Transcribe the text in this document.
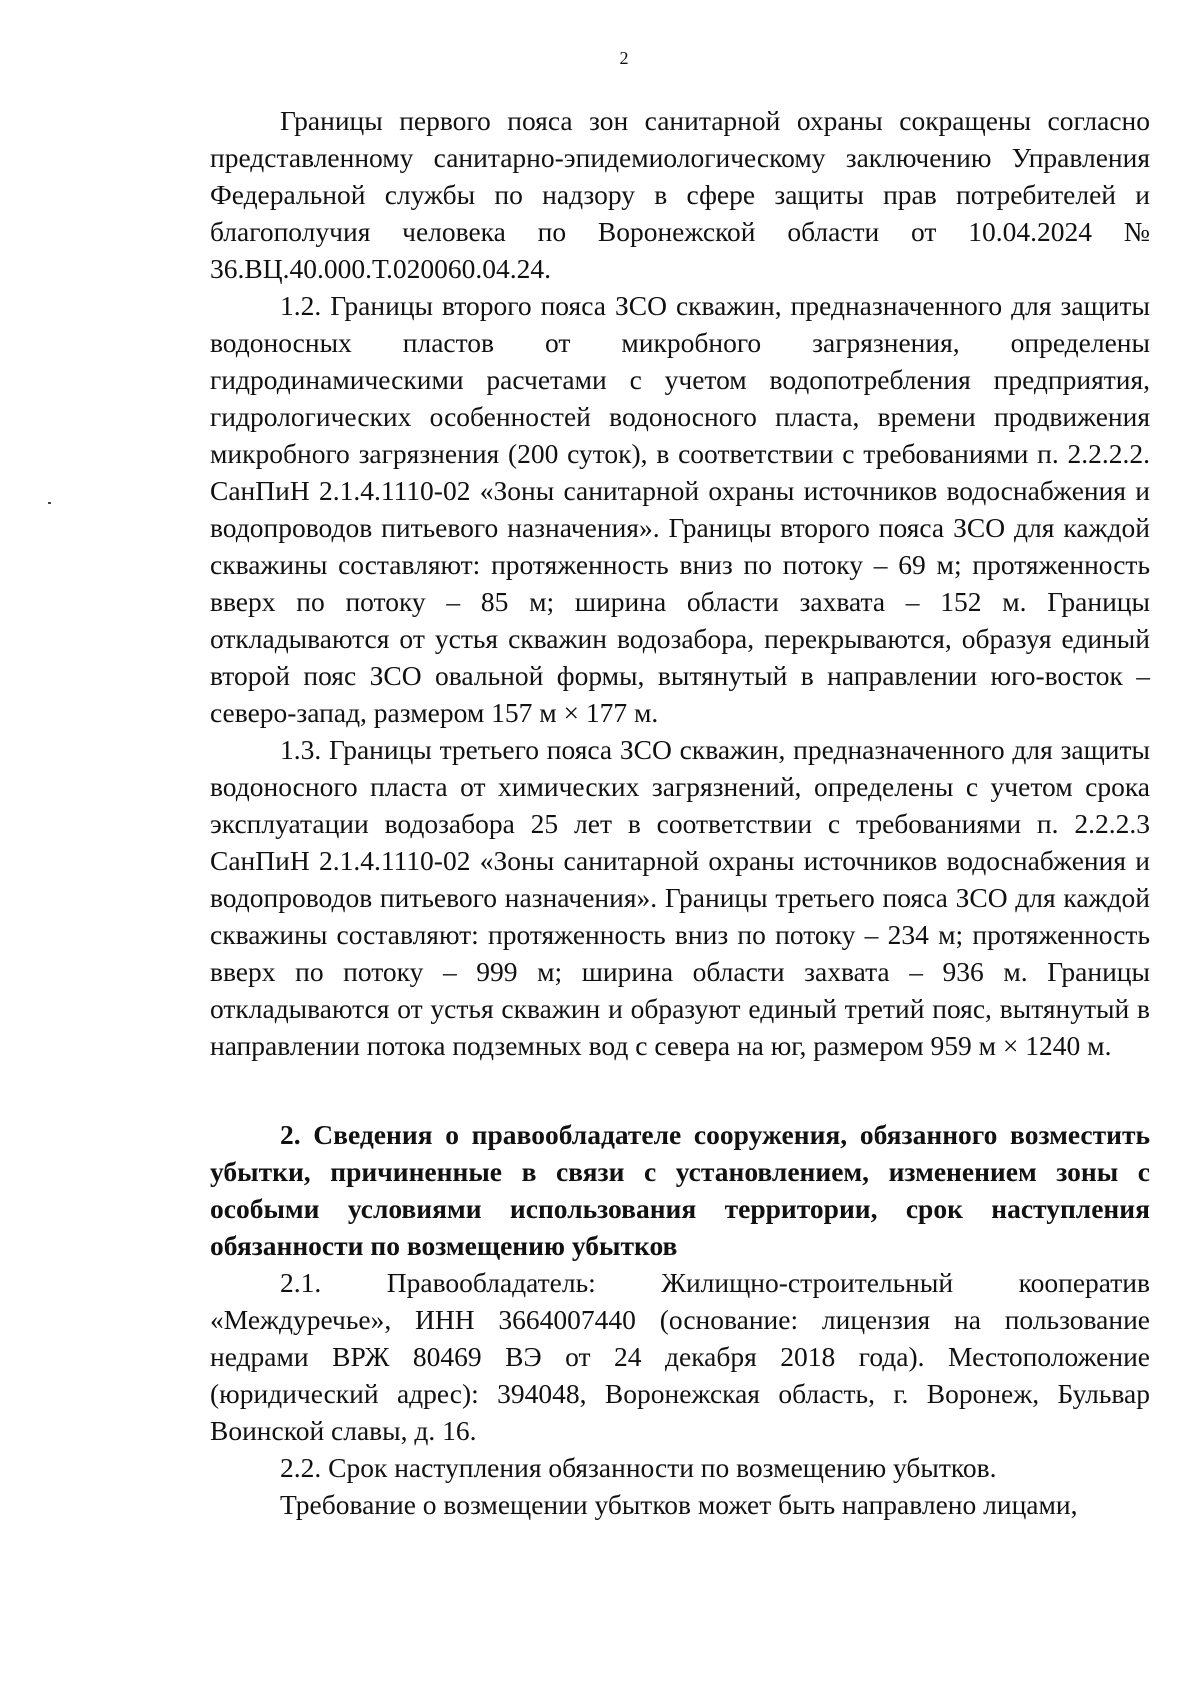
2

Границы первого пояса зон санитарной охраны сокращены согласно представленному санитарно-эпидемиологическому заключению Управления Федеральной службы по надзору в сфере защиты прав потребителей и благополучия человека по Воронежской области от 10.04.2024 № 36.ВЦ.40.000.Т.020060.04.24.

1.2. Границы второго пояса ЗСО скважин, предназначенного для защиты водоносных пластов от микробного загрязнения, определены гидродинамическими расчетами с учетом водопотребления предприятия, гидрологических особенностей водоносного пласта, времени продвижения микробного загрязнения (200 суток), в соответствии с требованиями п. 2.2.2.2. СанПиН 2.1.4.1110-02 «Зоны санитарной охраны источников водоснабжения и водопроводов питьевого назначения». Границы второго пояса ЗСО для каждой скважины составляют: протяженность вниз по потоку – 69 м; протяженность вверх по потоку – 85 м; ширина области захвата – 152 м. Границы откладываются от устья скважин водозабора, перекрываются, образуя единый второй пояс ЗСО овальной формы, вытянутый в направлении юго-восток – северо-запад, размером 157 м × 177 м.

1.3. Границы третьего пояса ЗСО скважин, предназначенного для защиты водоносного пласта от химических загрязнений, определены с учетом срока эксплуатации водозабора 25 лет в соответствии с требованиями п. 2.2.2.3 СанПиН 2.1.4.1110-02 «Зоны санитарной охраны источников водоснабжения и водопроводов питьевого назначения». Границы третьего пояса ЗСО для каждой скважины составляют: протяженность вниз по потоку – 234 м; протяженность вверх по потоку – 999 м; ширина области захвата – 936 м. Границы откладываются от устья скважин и образуют единый третий пояс, вытянутый в направлении потока подземных вод с севера на юг, размером 959 м × 1240 м.

2. Сведения о правообладателе сооружения, обязанного возместить убытки, причиненные в связи с установлением, изменением зоны с особыми условиями использования территории, срок наступления обязанности по возмещению убытков

2.1. Правообладатель: Жилищно-строительный кооператив «Междуречье», ИНН 3664007440 (основание: лицензия на пользование недрами ВРЖ 80469 ВЭ от 24 декабря 2018 года). Местоположение (юридический адрес): 394048, Воронежская область, г. Воронеж, Бульвар Воинской славы, д. 16.

2.2. Срок наступления обязанности по возмещению убытков.

Требование о возмещении убытков может быть направлено лицами,
